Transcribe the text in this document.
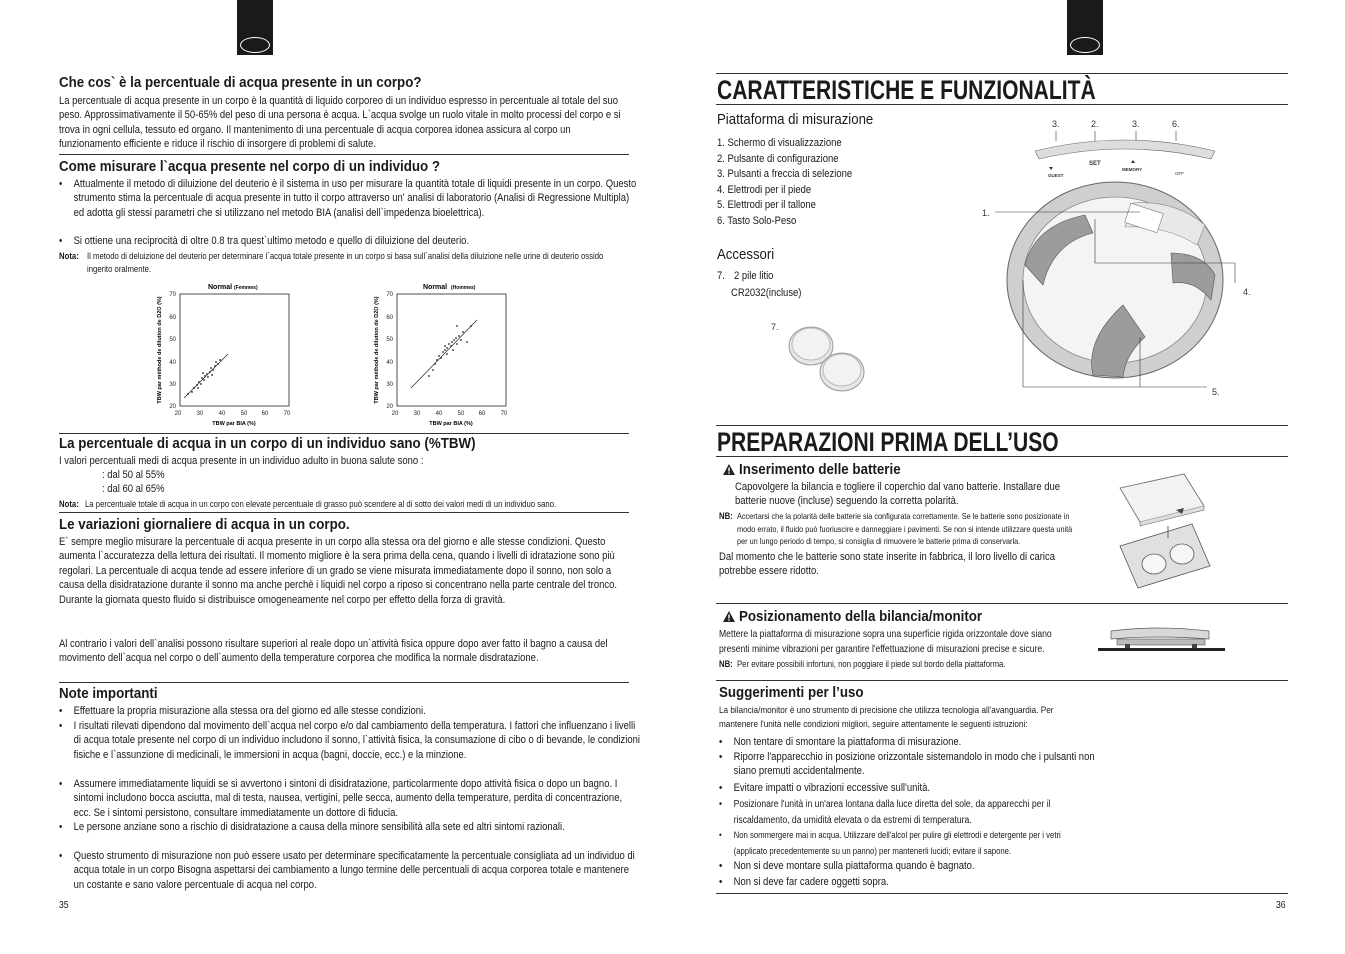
Che cos` è la percentuale di acqua presente in un corpo?
La percentuale di acqua presente in un corpo è la quantità di liquido corporeo di un individuo espresso in percentuale al totale del suo peso. Approssimativamente il 50-65% del peso di una persona è acqua. L`acqua svolge un ruolo vitale in molto processi del corpo e si trova in ogni cellula, tessuto ed organo. Il mantenimento di una percentuale di acqua corporea idonea assicura al corpo un funzionamento efficiente e riduce il rischio di insorgere di problemi di salute.
Come misurare l`acqua presente nel corpo di un individuo ?
• Attualmente il metodo di diluizione del deuterio è il sistema in uso per misurare la quantità totale di liquidi presente in un corpo. Questo strumento stima la percentuale di acqua presente in tutto il corpo attraverso un' analisi di laboratorio (Analisi di Regressione Multipla) ed adotta gli stessi parametri che si utilizzano nel metodo BIA (analisi dell`impedenza bioelettrica).
• Si ottiene una reciprocità di oltre 0.8 tra quest`ultimo metodo e quello di diluizione del deuterio.
Nota: Il metodo di deluizione del deuterio per determinare l`acqua totale presente in un corpo si basa sull`analisi della diluizione nelle urine di deuterio ossido ingerito oralmente.
Normal (Femmes)
70
60
50
40
30
20
20	30	40	50 60	70
TBW par BIA (%)
TBW par méthode de dilution de D2O (%)
Normal (Hommes)
70
60
50
40
30
20
20	30	40	50 60	70
TBW par BIA (%)
TBW par méthode de dilution de D2O (%)
La percentuale di acqua in un corpo di un individuo sano (%TBW)
I valori percentuali medi di acqua presente in un individuo adulto in buona salute sono :
: dal 50 al 55%
: dal 60 al 65%
Nota: La percentuale totale di acqua in un corpo con elevate percentuale di grasso può scendere al di sotto dei valori medi di un individuo sano.
Le variazioni giornaliere di acqua in un corpo.
E` sempre meglio misurare la percentuale di acqua presente in un corpo alla stessa ora del giorno e alle stesse condizioni. Questo aumenta l`accuratezza della lettura dei risultati. Il momento migliore è la sera prima della cena, quando i livelli di idratazione sono più regolari. La percentuale di acqua tende ad essere inferiore di un grado se viene misurata immediatamente dopo il sonno, non solo a causa della disidratazione durante il sonno ma anche perchè i liquidi nel corpo a riposo si concentrano nella parte centrale del tronco. Durante la giornata questo fluido si distribuisce omogeneamente nel corpo per effetto della forza di gravità.
Al contrario i valori dell`analisi possono risultare superiori al reale dopo un`attività fisica oppure dopo aver fatto il bagno a causa del movimento dell`acqua nel corpo o dell`aumento della temperature corporea che modifica la normale disdratazione.
Note importanti
• Effettuare la propria misurazione alla stessa ora del giorno ed alle stesse condizioni.
• I risultati rilevati dipendono dal movimento dell`acqua nel corpo e/o dal cambiamento della temperatura. I fattori che influenzano i livelli di acqua totale presente nel corpo di un individuo includono il sonno, l`attività fisica, la consumazione di cibo o di bevande, le condizioni fisiche e l`assunzione di medicinali, le immersioni in acqua (bagni, doccie, ecc.) e la minzione.
• Assumere immediatamente liquidi se si avvertono i sintoni di disidratazione, particolarmente dopo attività fisica o dopo un bagno. I sintomi includono bocca asciutta, mal di testa, nausea, vertigini, pelle secca, aumento della temperature, perdita di concentrazione, ecc. Se i sintomi persistono, consultare immediatamente un dottore di fiducia.
• Le persone anziane sono a rischio di disidratazione a causa della minore sensibilità alla sete ed altri sintomi razionali.
• Questo strumento di misurazione non può essere usato per determinare specificatamente la percentuale consigliata ad un individuo di acqua totale in un corpo Bisogna aspettarsi dei cambiamento a lungo termine delle percentuali di acqua corporea totale e mantenere un costante e sano valore percentuale di acqua nel corpo.
35
CARATTERISTICHE E FUNZIONALITÀ
Piattaforma di misurazione
1. Schermo di visualizzazione
2. Pulsante di configurazione
3. Pulsanti a freccia di selezione
4. Elettrodi per il piede
5. Elettrodi per il tallone
6. Tasto Solo-Peso
Accessori
7. 2 pile litio
CR2032(incluse)
7.
3.	2.	3.	6.
GUEST
SET
MEMORY
OFF
1.
4.
5.
PREPARAZIONI PRIMA DELL’USO
Inserimento delle batterie
Capovolgere la bilancia e togliere il coperchio dal vano batterie. Installare due batterie nuove (incluse) seguendo la corretta polarità.
NB: Accertarsi che la polarità delle batterie sia configurata correttamente. Se le batterie sono posizionate in modo errato, il fluido può fuoriuscire e danneggiare i pavimenti. Se non si intende utilizzare questa unità per un lungo periodo di tempo, si consiglia di rimuovere le batterie prima di conservarla.
Dal momento che le batterie sono state inserite in fabbrica, il loro livello di carica potrebbe essere ridotto.
Posizionamento della bilancia/monitor
Mettere la piattaforma di misurazione sopra una superficie rigida orizzontale dove siano presenti minime vibrazioni per garantire l'effettuazione di misurazioni precise e sicure.
NB: Per evitare possibili infortuni, non poggiare il piede sul bordo della piattaforma.
Suggerimenti per l’uso
La bilancia/monitor è uno strumento di precisione che utilizza tecnologia all'avanguardia. Per mantenere l'unità nelle condizioni migliori, seguire attentamente le seguenti istruzioni:
• Non tentare di smontare la piattaforma di misurazione.
• Riporre l'apparecchio in posizione orizzontale sistemandolo in modo che i pulsanti non siano premuti accidentalmente.
• Evitare impatti o vibrazioni eccessive sull'unità.
• Posizionare l'unità in un'area lontana dalla luce diretta del sole, da apparecchi per il riscaldamento, da umidità elevata o da estremi di temperatura.
• Non sommergere mai in acqua. Utilizzare dell'alcol per pulire gli elettrodi e detergente per i vetri (applicato precedentemente su un panno) per mantenerli lucidi; evitare il sapone.
• Non si deve montare sulla piattaforma quando è bagnato.
• Non si deve far cadere oggetti sopra.
36
